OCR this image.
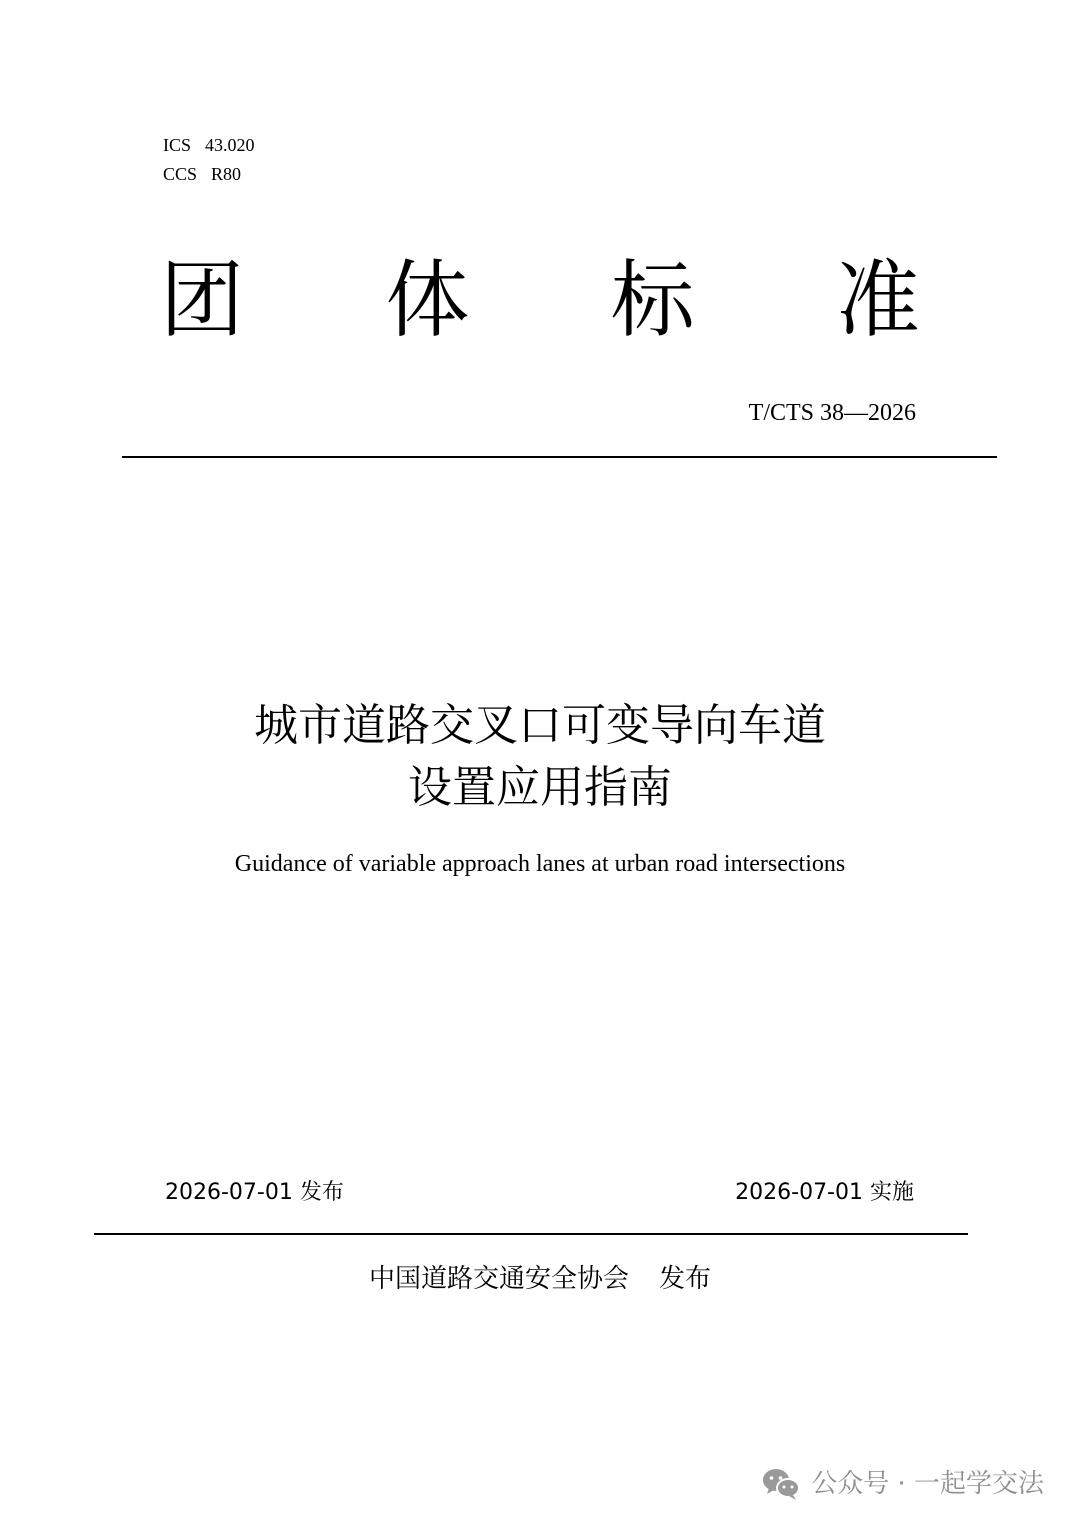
ICS 43.020
CCS R80
团 体 标 准
T/CTS 38—2026
城市道路交叉口可变导向车道
设置应用指南
Guidance of variable approach lanes at urban road intersections
2026-07-01 发布	2026-07-01 实施
中国道路交通安全协会 发布
公众号 · 一起学交法
